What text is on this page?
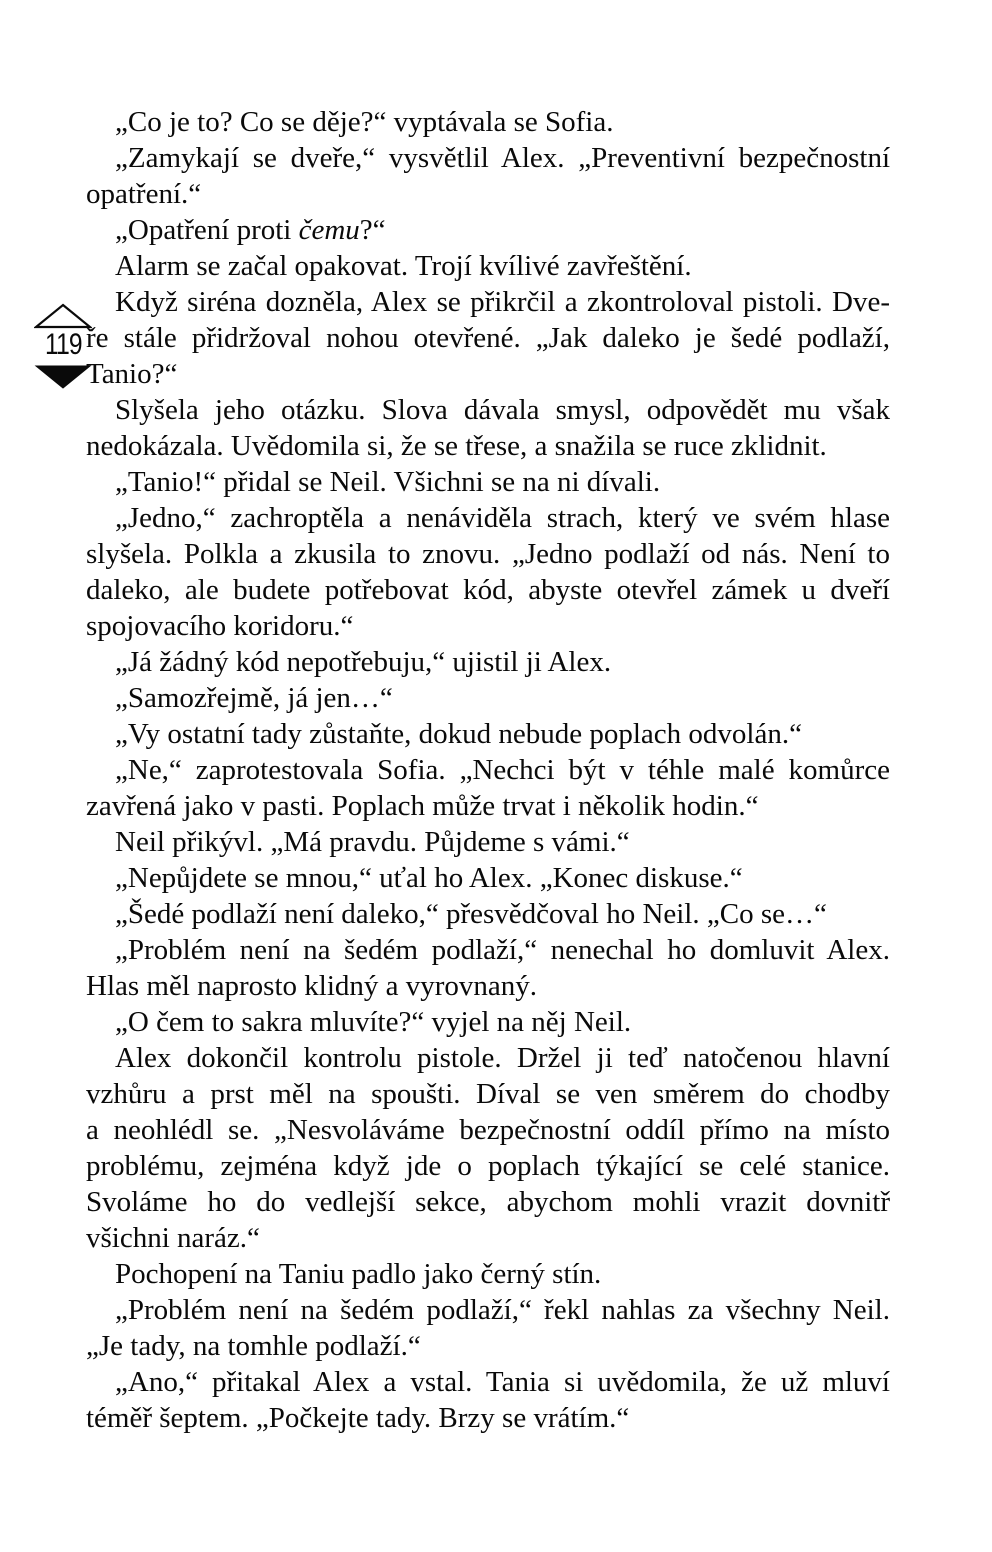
119
„Co je to? Co se děje?“ vyptávala se Sofia.
„Zamykají se dveře,“ vysvětlil Alex. „Preventivní bezpečnostní
opatření.“
„Opatření proti čemu?“
Alarm se začal opakovat. Trojí kvílivé zavřeštění.
Když siréna dozněla, Alex se přikrčil a zkontroloval pistoli. Dve-
ře stále přidržoval nohou otevřené. „Jak daleko je šedé podlaží,
Tanio?“
Slyšela jeho otázku. Slova dávala smysl, odpovědět mu však
nedokázala. Uvědomila si, že se třese, a snažila se ruce zklidnit.
„Tanio!“ přidal se Neil. Všichni se na ni dívali.
„Jedno,“ zachroptěla a nenáviděla strach, který ve svém hlase
slyšela. Polkla a zkusila to znovu. „Jedno podlaží od nás. Není to
daleko, ale budete potřebovat kód, abyste otevřel zámek u dveří
spojovacího koridoru.“
„Já žádný kód nepotřebuju,“ ujistil ji Alex.
„Samozřejmě, já jen…“
„Vy ostatní tady zůstaňte, dokud nebude poplach odvolán.“
„Ne,“ zaprotestovala Sofia. „Nechci být v téhle malé komůrce
zavřená jako v pasti. Poplach může trvat i několik hodin.“
Neil přikývl. „Má pravdu. Půjdeme s vámi.“
„Nepůjdete se mnou,“ uťal ho Alex. „Konec diskuse.“
„Šedé podlaží není daleko,“ přesvědčoval ho Neil. „Co se…“
„Problém není na šedém podlaží,“ nenechal ho domluvit Alex.
Hlas měl naprosto klidný a vyrovnaný.
„O čem to sakra mluvíte?“ vyjel na něj Neil.
Alex dokončil kontrolu pistole. Držel ji teď natočenou hlavní
vzhůru a prst měl na spoušti. Díval se ven směrem do chodby
a neohlédl se. „Nesvoláváme bezpečnostní oddíl přímo na místo
problému, zejména když jde o poplach týkající se celé stanice.
Svoláme ho do vedlejší sekce, abychom mohli vrazit dovnitř
všichni naráz.“
Pochopení na Taniu padlo jako černý stín.
„Problém není na šedém podlaží,“ řekl nahlas za všechny Neil.
„Je tady, na tomhle podlaží.“
„Ano,“ přitakal Alex a vstal. Tania si uvědomila, že už mluví
téměř šeptem. „Počkejte tady. Brzy se vrátím.“
